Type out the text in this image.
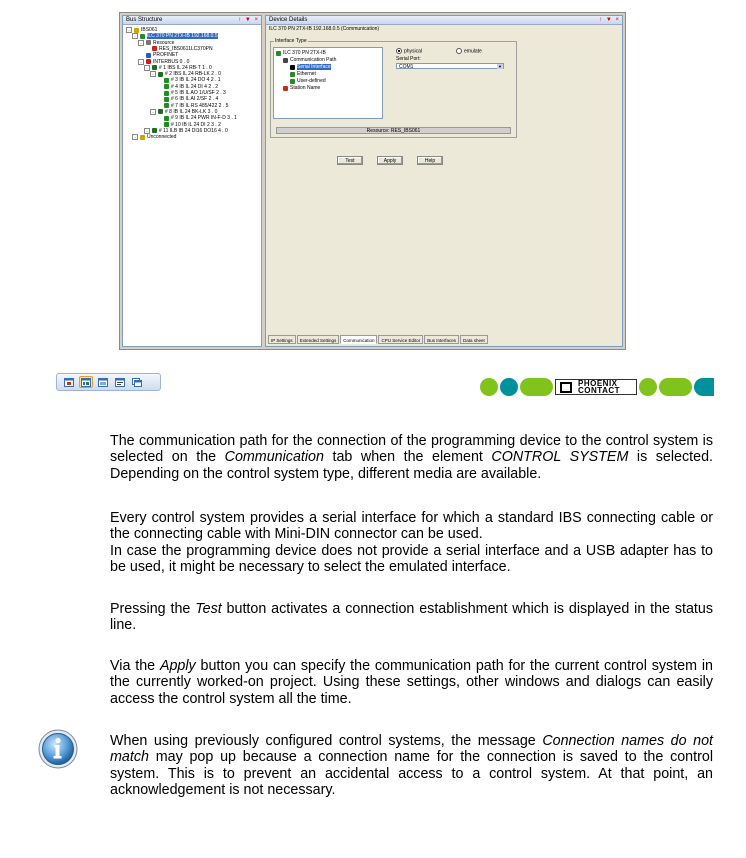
Bus Structure	↑ ▼ ×
-	IBS061
-	ILC 370 PN 2TX-IB 192.168.0.5
-	Resource
RES_IBS0611LC370PN
PROFINET
-	INTERBUS 0 . 0
-	# 1 IBS IL 24 RB-T 1 . 0
-	# 2 IBS IL 24 RB-LK 2 . 0
# 3 IB IL 24 DO 4 2 . 1
# 4 IB IL 24 DI 4 2 . 2
# 5 IB IL AO 1/U/SF 2 . 3
# 6 IB IL AI 2/SF 2 . 4
# 7 IB IL RS 485/422 2 . 5
-	# 8 IB IL 24 BK-LK 3 . 0
# 9 IB IL 24 PWR IN-F-D 3 . 1
# 10 IB IL 24 DI 2 3 . 2
-	# 11 ILB IB 24 DI16 DO16 4 . 0
-	Unconnected
Device Details	↑ ▼ ×
ILC 370 PN 2TX-IB 192.168.0.5 (Communication)
Interface Type
ILC 370 PN 2TX-IB
Communication Path
Serial Interface
Ethernet
User-defined
Station Name
physical	emulate
Serial Port:
COM1	▼
Resource: RES_IBS061
Test	Apply	Help
IP Settings	Extended Settings	Communication	CPU Service Editor	Bus Interfaces	Data sheet
PHOENIX
CONTACT
The communication path for the connection of the programming device to the control system is selected on the Communication tab when the element CONTROL SYSTEM is selected. Depending on the control system type, different media are available.
Every control system provides a serial interface for which a standard IBS connecting cable or the connecting cable with Mini-DIN connector can be used.
In case the programming device does not provide a serial interface and a USB adapter has to be used, it might be necessary to select the emulated interface.
Pressing the Test button activates a connection establishment which is displayed in the status line.
Via the Apply button you can specify the communication path for the current control system in the currently worked-on project. Using these settings, other windows and dialogs can easily access the control system all the time.
When using previously configured control systems, the message Connection names do not match may pop up because a connection name for the connection is saved to the control system. This is to prevent an accidental access to a control system. At that point, an acknowledgement is not necessary.
